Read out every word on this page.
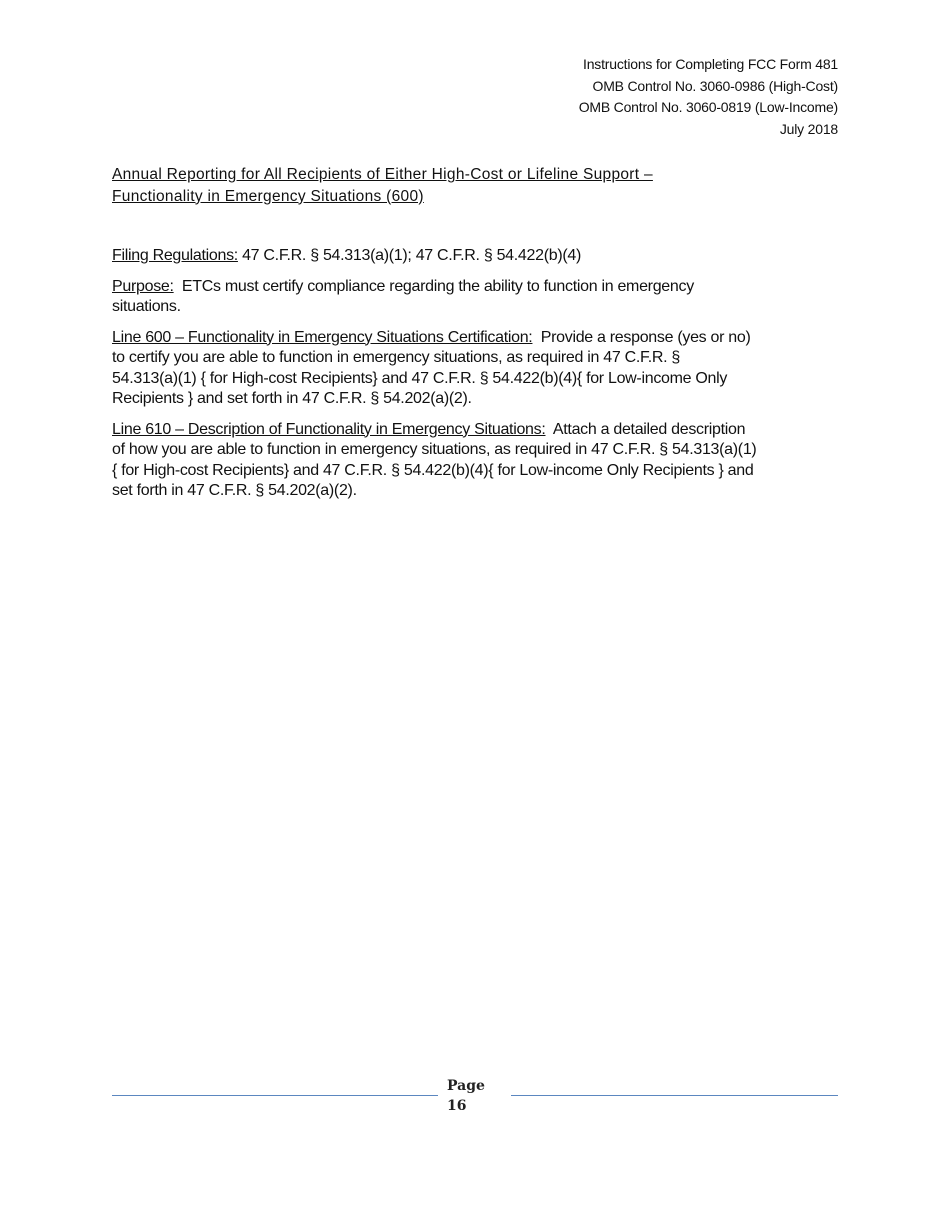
Instructions for Completing FCC Form 481
OMB Control No. 3060-0986 (High-Cost)
OMB Control No. 3060-0819 (Low-Income)
July 2018
Annual Reporting for All Recipients of Either High-Cost or Lifeline Support –
Functionality in Emergency Situations (600)

Filing Regulations: 47 C.F.R. § 54.313(a)(1); 47 C.F.R. § 54.422(b)(4)

Purpose:  ETCs must certify compliance regarding the ability to function in emergency
situations.

Line 600 – Functionality in Emergency Situations Certification:  Provide a response (yes or no)
to certify you are able to function in emergency situations, as required in 47 C.F.R. §
54.313(a)(1) { for High-cost Recipients} and 47 C.F.R. § 54.422(b)(4){ for Low-income Only
Recipients } and set forth in 47 C.F.R. § 54.202(a)(2).

Line 610 – Description of Functionality in Emergency Situations:  Attach a detailed description
of how you are able to function in emergency situations, as required in 47 C.F.R. § 54.313(a)(1)
{ for High-cost Recipients} and 47 C.F.R. § 54.422(b)(4){ for Low-income Only Recipients } and
set forth in 47 C.F.R. § 54.202(a)(2).

Page
16
